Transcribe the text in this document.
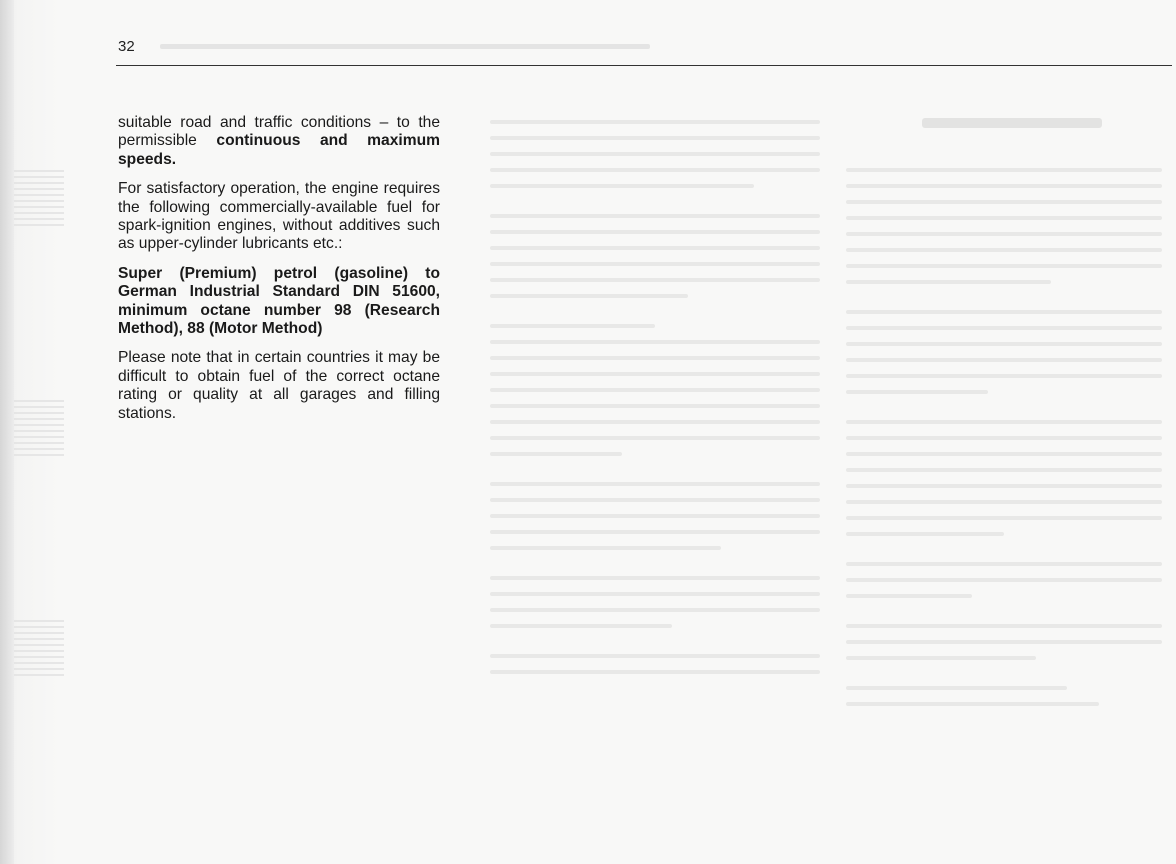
32

suitable road and traffic conditions – to the permissible continuous and maximum speeds.

For satisfactory operation, the engine requires the following commercially-available fuel for spark-ignition engines, without additives such as upper-cylinder lubricants etc.:

Super (Premium) petrol (gasoline) to German Industrial Standard DIN 51600, minimum octane number 98 (Research Method), 88 (Motor Method)

Please note that in certain countries it may be difficult to obtain fuel of the correct octane rating or quality at all garages and filling stations.
